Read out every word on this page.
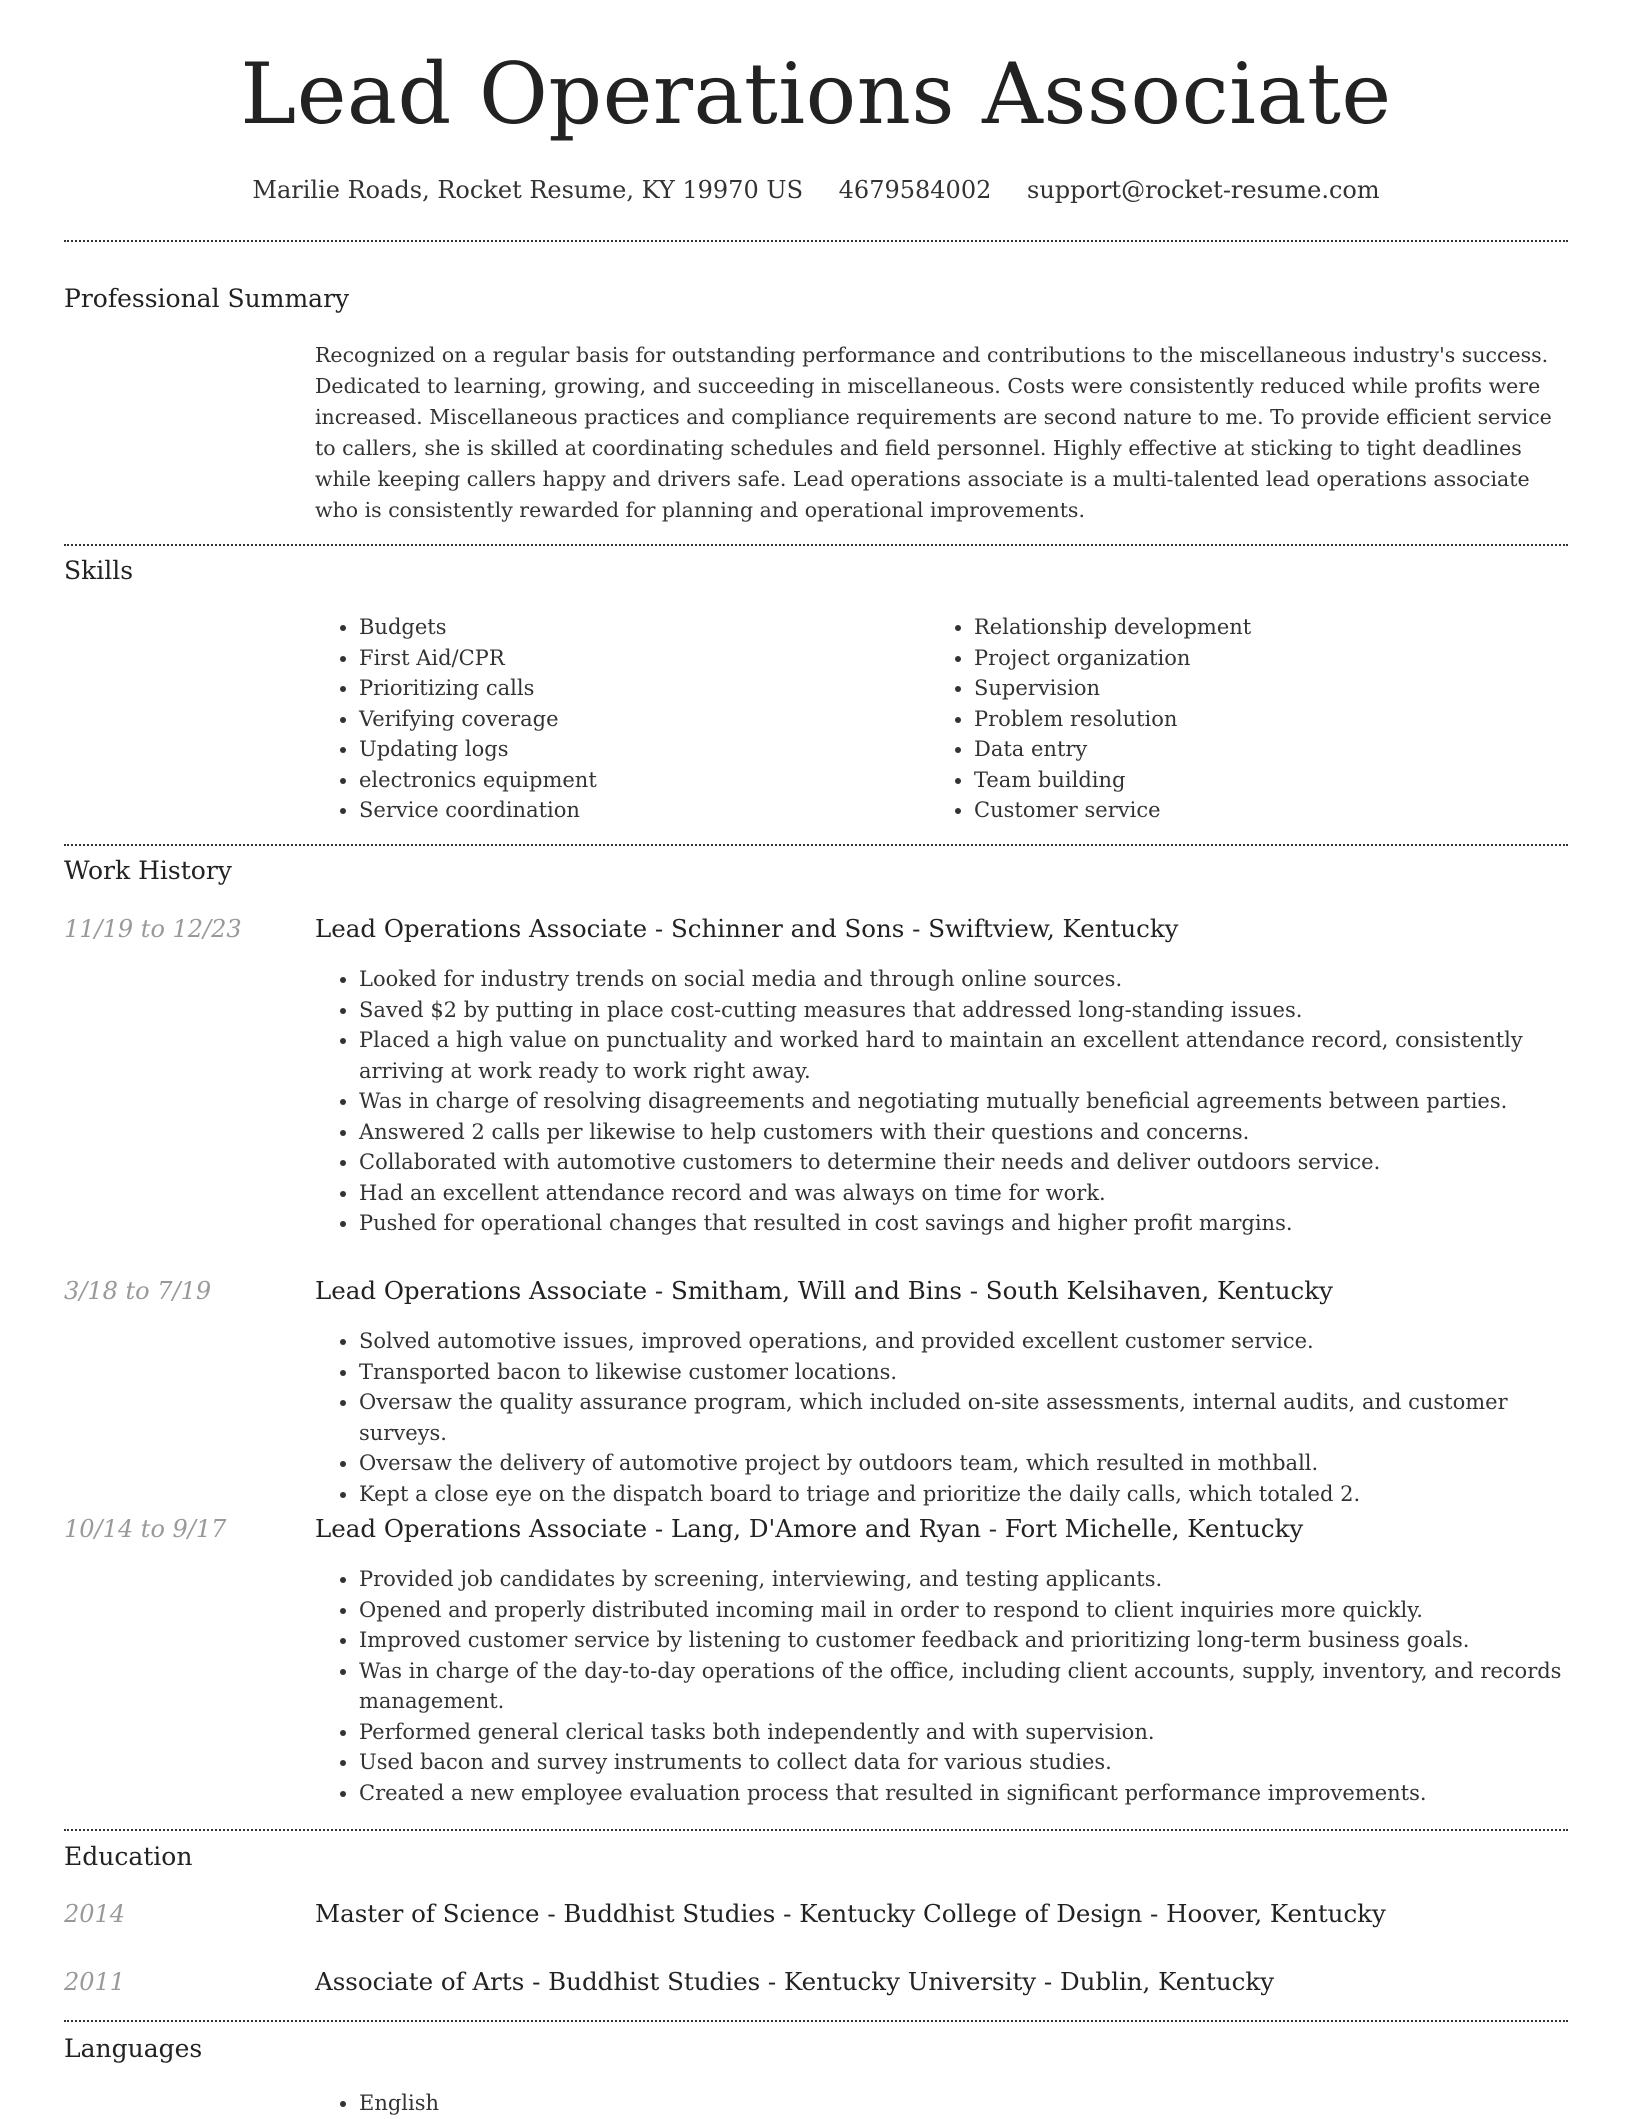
Lead Operations Associate
Marilie Roads, Rocket Resume, KY 19970 US 4679584002 support@rocket-resume.com
Professional Summary

Recognized on a regular basis for outstanding performance and contributions to the miscellaneous industry's success. Dedicated to learning, growing, and succeeding in miscellaneous. Costs were consistently reduced while profits were increased. Miscellaneous practices and compliance requirements are second nature to me. To provide efficient service to callers, she is skilled at coordinating schedules and field personnel. Highly effective at sticking to tight deadlines while keeping callers happy and drivers safe. Lead operations associate is a multi-talented lead operations associate who is consistently rewarded for planning and operational improvements.

Skills
• Budgets
• First Aid/CPR
• Prioritizing calls
• Verifying coverage
• Updating logs
• electronics equipment
• Service coordination
• Relationship development
• Project organization
• Supervision
• Problem resolution
• Data entry
• Team building
• Customer service
Work History
11/19 to 12/23	Lead Operations Associate - Schinner and Sons - Swiftview, Kentucky
• Looked for industry trends on social media and through online sources.
• Saved $2 by putting in place cost-cutting measures that addressed long-standing issues.
• Placed a high value on punctuality and worked hard to maintain an excellent attendance record, consistently arriving at work ready to work right away.
• Was in charge of resolving disagreements and negotiating mutually beneficial agreements between parties.
• Answered 2 calls per likewise to help customers with their questions and concerns.
• Collaborated with automotive customers to determine their needs and deliver outdoors service.
• Had an excellent attendance record and was always on time for work.
• Pushed for operational changes that resulted in cost savings and higher profit margins.
3/18 to 7/19	Lead Operations Associate - Smitham, Will and Bins - South Kelsihaven, Kentucky
• Solved automotive issues, improved operations, and provided excellent customer service.
• Transported bacon to likewise customer locations.
• Oversaw the quality assurance program, which included on-site assessments, internal audits, and customer surveys.
• Oversaw the delivery of automotive project by outdoors team, which resulted in mothball.
• Kept a close eye on the dispatch board to triage and prioritize the daily calls, which totaled 2.
10/14 to 9/17	Lead Operations Associate - Lang, D'Amore and Ryan - Fort Michelle, Kentucky
• Provided job candidates by screening, interviewing, and testing applicants.
• Opened and properly distributed incoming mail in order to respond to client inquiries more quickly.
• Improved customer service by listening to customer feedback and prioritizing long-term business goals.
• Was in charge of the day-to-day operations of the office, including client accounts, supply, inventory, and records management.
• Performed general clerical tasks both independently and with supervision.
• Used bacon and survey instruments to collect data for various studies.
• Created a new employee evaluation process that resulted in significant performance improvements.
Education
2014	Master of Science - Buddhist Studies - Kentucky College of Design - Hoover, Kentucky
2011	Associate of Arts - Buddhist Studies - Kentucky University - Dublin, Kentucky
Languages
• English
